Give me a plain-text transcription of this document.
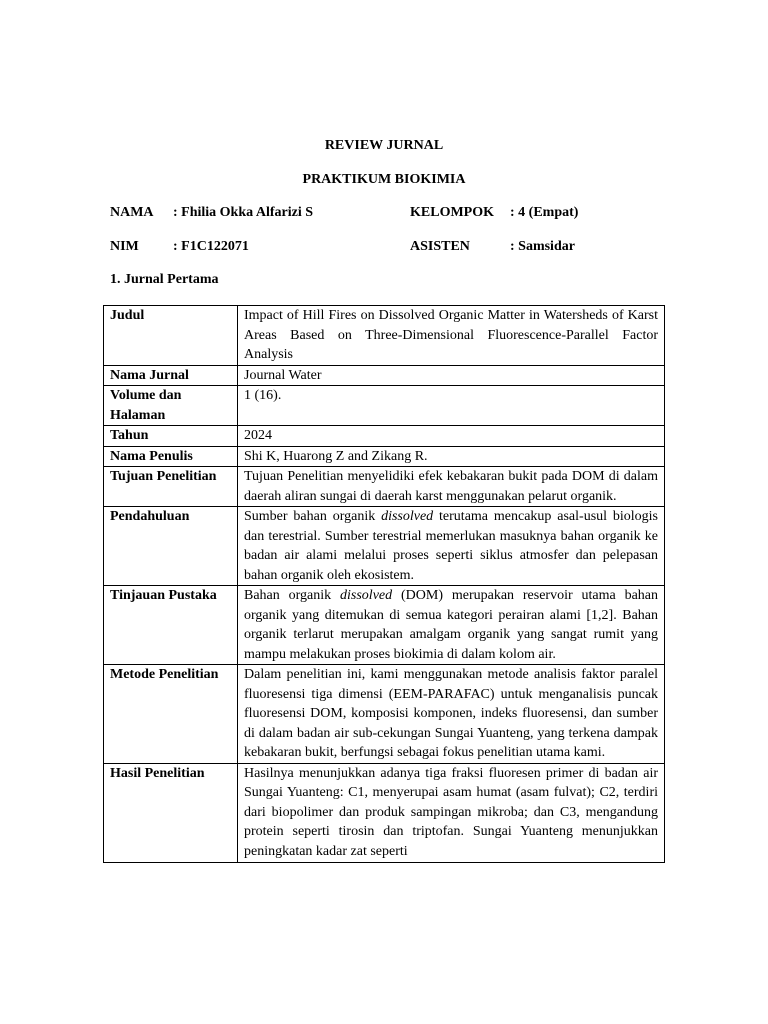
REVIEW JURNAL
PRAKTIKUM BIOKIMIA
NAMA : Fhilia Okka Alfarizi S	KELOMPOK : 4 (Empat)
NIM : F1C122071	ASISTEN	: Samsidar
1. Jurnal Pertama
Judul	Impact of Hill Fires on Dissolved Organic Matter in Watersheds of Karst Areas Based on Three-Dimensional Fluorescence-Parallel Factor Analysis
Nama Jurnal	Journal Water
Volume dan Halaman	1 (16).
Tahun	2024
Nama Penulis	Shi K, Huarong Z and Zikang R.
Tujuan Penelitian	Tujuan Penelitian menyelidiki efek kebakaran bukit pada DOM di dalam daerah aliran sungai di daerah karst menggunakan pelarut organik.
Pendahuluan	Sumber bahan organik dissolved terutama mencakup asal-usul biologis dan terestrial. Sumber terestrial memerlukan masuknya bahan organik ke badan air alami melalui proses seperti siklus atmosfer dan pelepasan bahan organik oleh ekosistem.
Tinjauan Pustaka	Bahan organik dissolved (DOM) merupakan reservoir utama bahan organik yang ditemukan di semua kategori perairan alami [1,2]. Bahan organik terlarut merupakan amalgam organik yang sangat rumit yang mampu melakukan proses biokimia di dalam kolom air.
Metode Penelitian	Dalam penelitian ini, kami menggunakan metode analisis faktor paralel fluoresensi tiga dimensi (EEM-PARAFAC) untuk menganalisis puncak fluoresensi DOM, komposisi komponen, indeks fluoresensi, dan sumber di dalam badan air sub-cekungan Sungai Yuanteng, yang terkena dampak kebakaran bukit, berfungsi sebagai fokus penelitian utama kami.
Hasil Penelitian	Hasilnya menunjukkan adanya tiga fraksi fluoresen primer di badan air Sungai Yuanteng: C1, menyerupai asam humat (asam fulvat); C2, terdiri dari biopolimer dan produk sampingan mikroba; dan C3, mengandung protein seperti tirosin dan triptofan. Sungai Yuanteng menunjukkan peningkatan kadar zat seperti
